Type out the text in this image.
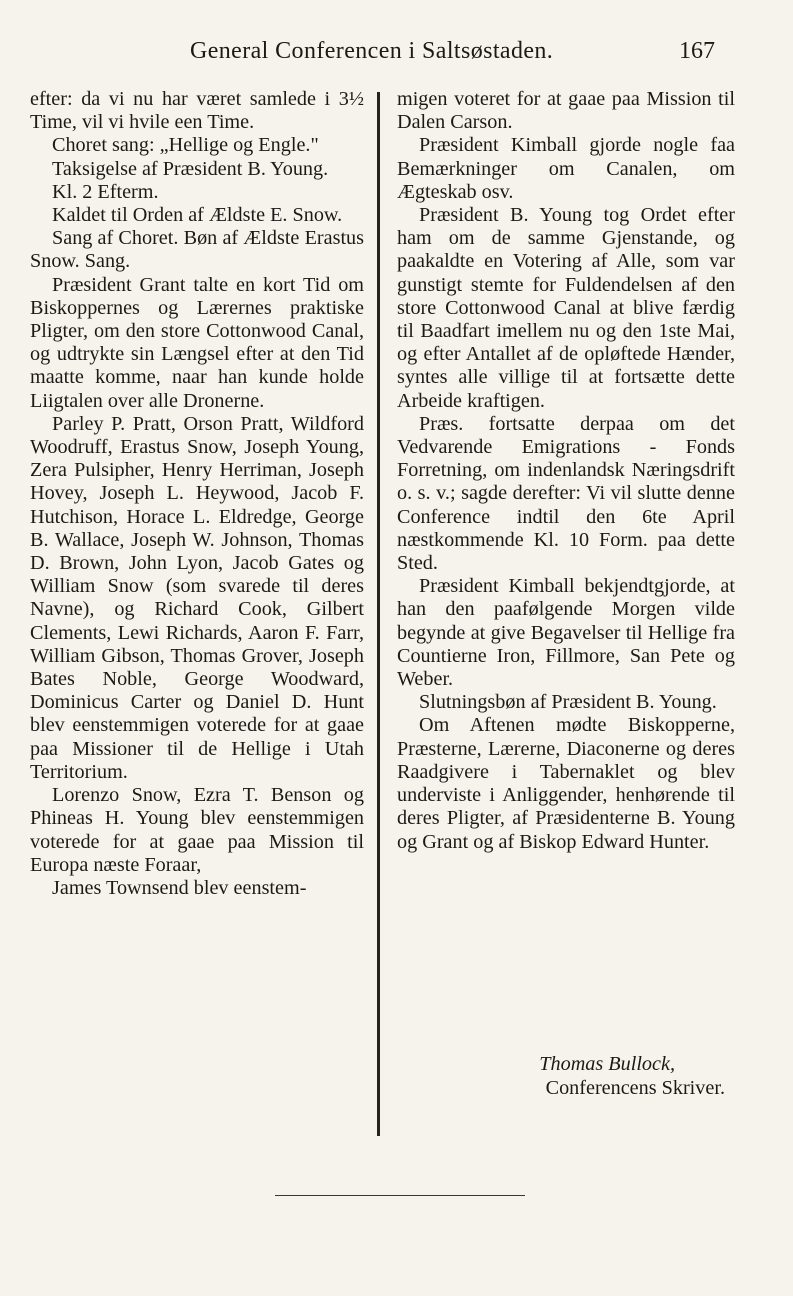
General Conferencen i Saltsøstaden.	167

efter: da vi nu har været samlede i 3½ Time, vil vi hvile een Time.

Choret sang: „Hellige og Engle."

Taksigelse af Præsident B. Young.

Kl. 2 Efterm.

Kaldet til Orden af Ældste E. Snow.

Sang af Choret. Bøn af Ældste Erastus Snow. Sang.

Præsident Grant talte en kort Tid om Biskoppernes og Lærernes praktiske Pligter, om den store Cottonwood Canal, og udtrykte sin Længsel efter at den Tid maatte komme, naar han kunde holde Liigtalen over alle Dronerne.

Parley P. Pratt, Orson Pratt, Wildford Woodruff, Erastus Snow, Joseph Young, Zera Pulsipher, Henry Herriman, Joseph Hovey, Joseph L. Heywood, Jacob F. Hutchison, Horace L. Eldredge, George B. Wallace, Joseph W. Johnson, Thomas D. Brown, John Lyon, Jacob Gates og William Snow (som svarede til deres Navne), og Richard Cook, Gilbert Clements, Lewi Richards, Aaron F. Farr, William Gibson, Thomas Grover, Joseph Bates Noble, George Woodward, Dominicus Carter og Daniel D. Hunt blev eenstemmigen voterede for at gaae paa Missioner til de Hellige i Utah Territorium.

Lorenzo Snow, Ezra T. Benson og Phineas H. Young blev eenstemmigen voterede for at gaae paa Mission til Europa næste Foraar,

James Townsend blev eenstem-

migen voteret for at gaae paa Mission til Dalen Carson.

Præsident Kimball gjorde nogle faa Bemærkninger om Canalen, om Ægteskab osv.

Præsident B. Young tog Ordet efter ham om de samme Gjenstande, og paakaldte en Votering af Alle, som var gunstigt stemte for Fuldendelsen af den store Cottonwood Canal at blive færdig til Baadfart imellem nu og den 1ste Mai, og efter Antallet af de opløftede Hænder, syntes alle villige til at fortsætte dette Arbeide kraftigen.

Præs. fortsatte derpaa om det Vedvarende Emigrations - Fonds Forretning, om indenlandsk Næringsdrift o. s. v.; sagde derefter: Vi vil slutte denne Conference indtil den 6te April næstkommende Kl. 10 Form. paa dette Sted.

Præsident Kimball bekjendtgjorde, at han den paafølgende Morgen vilde begynde at give Begavelser til Hellige fra Countierne Iron, Fillmore, San Pete og Weber.

Slutningsbøn af Præsident B. Young.

Om Aftenen mødte Biskopperne, Præsterne, Lærerne, Diaconerne og deres Raadgivere i Tabernaklet og blev underviste i Anliggender, henhørende til deres Pligter, af Præsidenterne B. Young og Grant og af Biskop Edward Hunter.

Thomas Bullock,
Conferencens Skriver.
